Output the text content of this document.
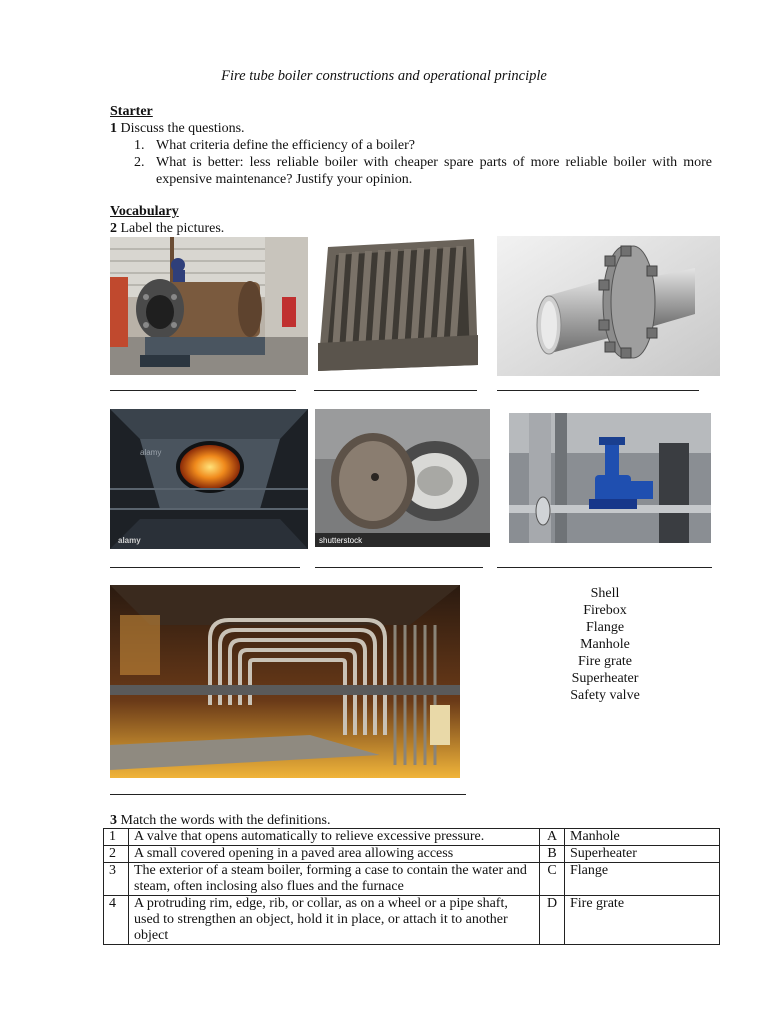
Fire tube boiler constructions and operational principle
Starter
1 Discuss the questions.
1. What criteria define the efficiency of a boiler?
2. What is better: less reliable boiler with cheaper spare parts of more reliable boiler with more expensive maintenance? Justify your opinion.
Vocabulary
2 Label the pictures.
alamy
alamy	shutterstock
Shell
Firebox
Flange
Manhole
Fire grate
Superheater
Safety valve
3 Match the words with the definitions.
1	A valve that opens automatically to relieve excessive pressure.	A	Manhole
2	A small covered opening in a paved area allowing access	B	Superheater
3	The exterior of a steam boiler, forming a case to contain the water and steam, often inclosing also flues and the furnace	C	Flange
4	A protruding rim, edge, rib, or collar, as on a wheel or a pipe shaft, used to strengthen an object, hold it in place, or attach it to another object	D	Fire grate
